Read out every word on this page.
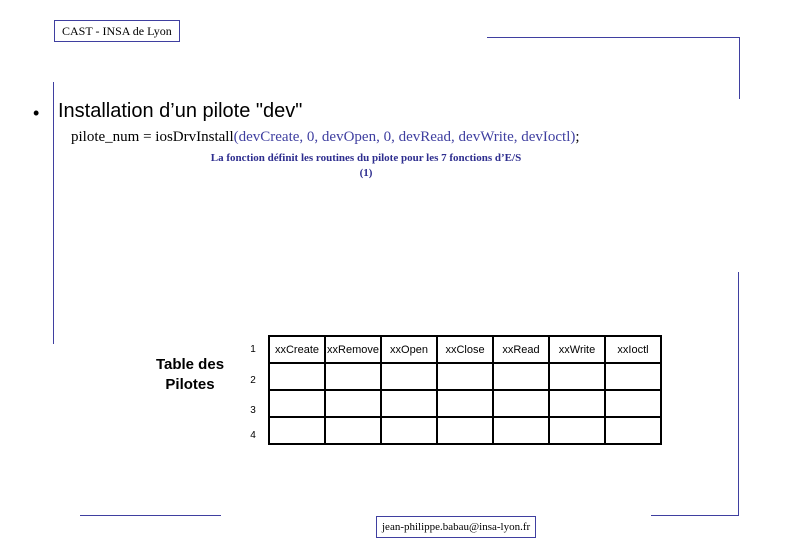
CAST - INSA de Lyon
• Installation d’un pilote "dev"
pilote_num = iosDrvInstall(devCreate, 0, devOpen, 0, devRead, devWrite, devIoctl);
La fonction définit les routines du pilote pour les 7 fonctions d’E/S
(1)
Table des
Pilotes
1
2
3
4
xxCreate	xxRemove	xxOpen	xxClose	xxRead	xxWrite	xxIoctl

jean-philippe.babau@insa-lyon.fr
